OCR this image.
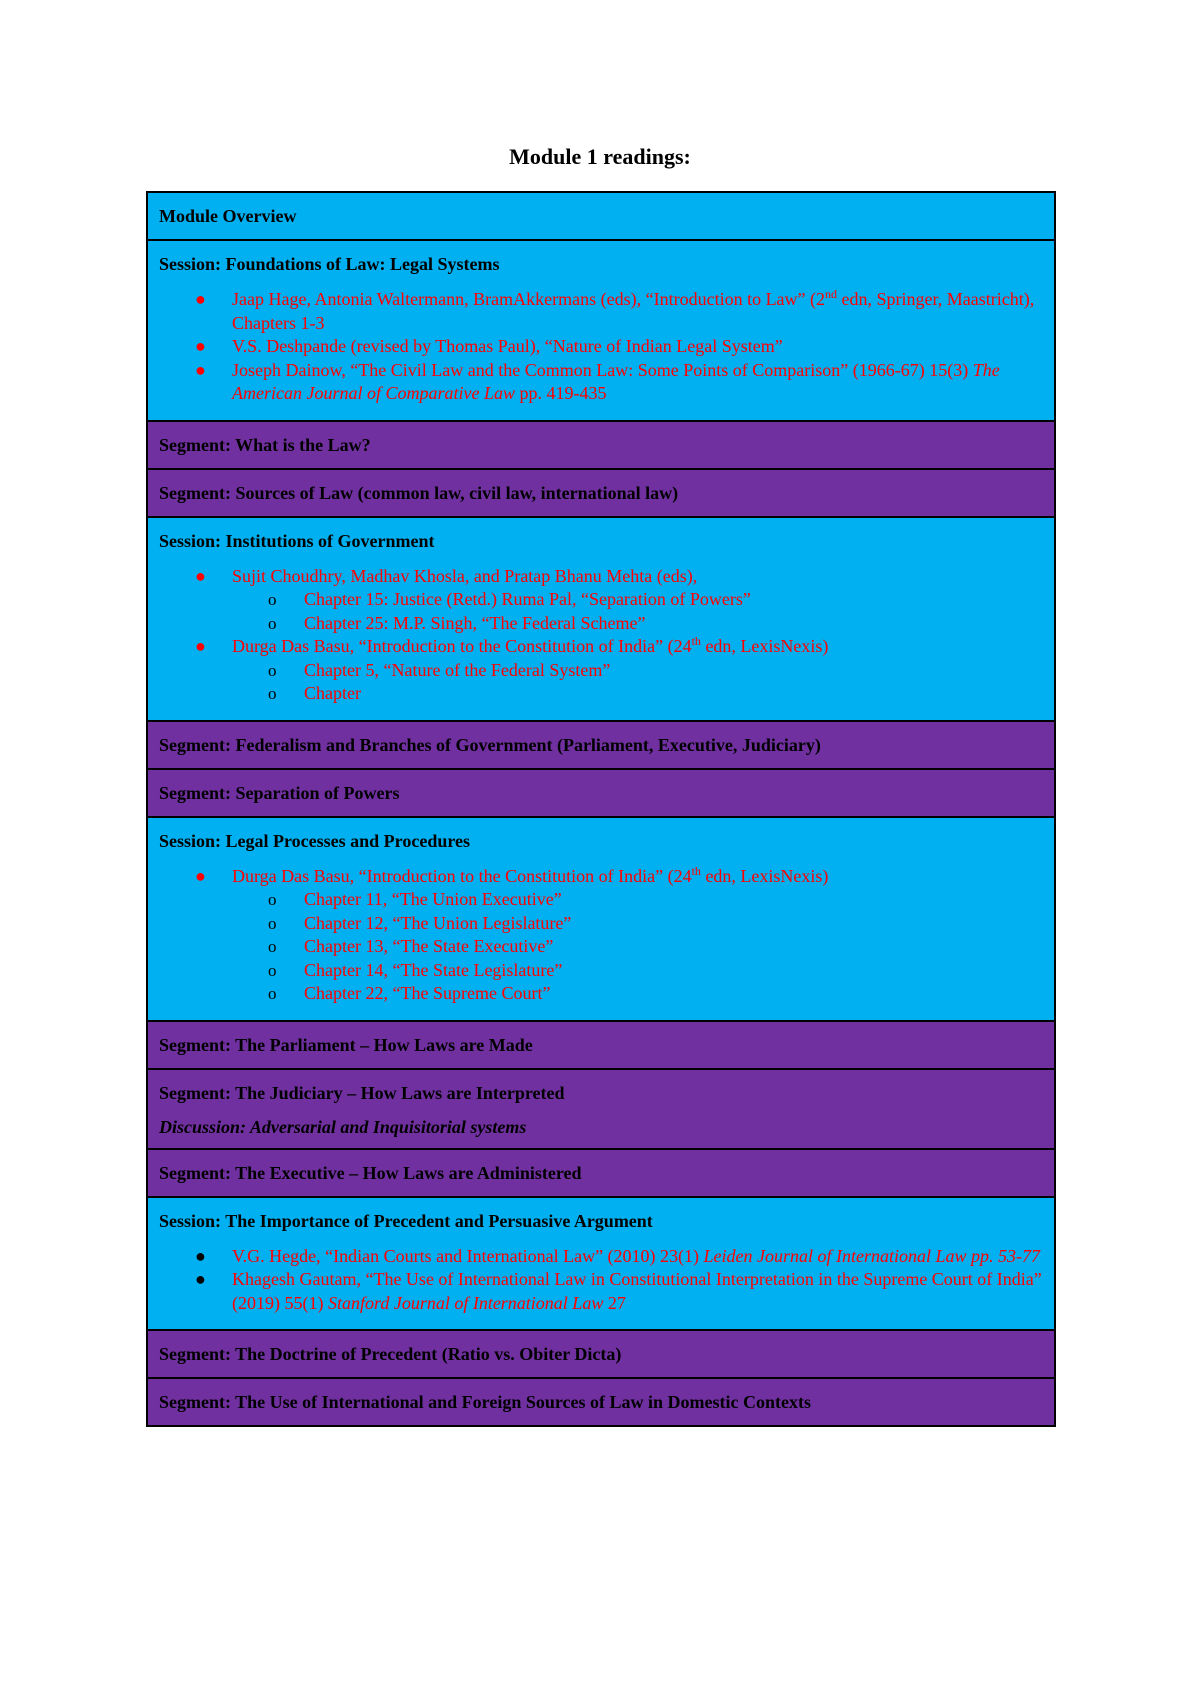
Module 1 readings:
Module Overview

Session: Foundations of Law: Legal Systems
● Jaap Hage, Antonia Waltermann, BramAkkermans (eds), “Introduction to Law” (2nd edn, Springer, Maastricht), Chapters 1-3
● V.S. Deshpande (revised by Thomas Paul), “Nature of Indian Legal System”
● Joseph Dainow, “The Civil Law and the Common Law: Some Points of Comparison” (1966-67) 15(3) The American Journal of Comparative Law pp. 419-435

Segment: What is the Law?

Segment: Sources of Law (common law, civil law, international law)

Session: Institutions of Government
● Sujit Choudhry, Madhav Khosla, and Pratap Bhanu Mehta (eds),
o	Chapter 15: Justice (Retd.) Ruma Pal, “Separation of Powers”
o	Chapter 25: M.P. Singh, “The Federal Scheme”
● Durga Das Basu, “Introduction to the Constitution of India” (24th edn, LexisNexis)
o	Chapter 5, “Nature of the Federal System”
o	Chapter

Segment: Federalism and Branches of Government (Parliament, Executive, Judiciary)

Segment: Separation of Powers

Session: Legal Processes and Procedures
● Durga Das Basu, “Introduction to the Constitution of India” (24th edn, LexisNexis)
o	Chapter 11, “The Union Executive”
o	Chapter 12, “The Union Legislature”
o	Chapter 13, “The State Executive”
o	Chapter 14, “The State Legislature”
o	Chapter 22, “The Supreme Court”

Segment: The Parliament – How Laws are Made

Segment: The Judiciary – How Laws are Interpreted
Discussion: Adversarial and Inquisitorial systems

Segment: The Executive – How Laws are Administered

Session: The Importance of Precedent and Persuasive Argument
● V.G. Hegde, “Indian Courts and International Law” (2010) 23(1) Leiden Journal of International Law pp. 53-77
● Khagesh Gautam, “The Use of International Law in Constitutional Interpretation in the Supreme Court of India” (2019) 55(1) Stanford Journal of International Law 27

Segment: The Doctrine of Precedent (Ratio vs. Obiter Dicta)

Segment: The Use of International and Foreign Sources of Law in Domestic Contexts
